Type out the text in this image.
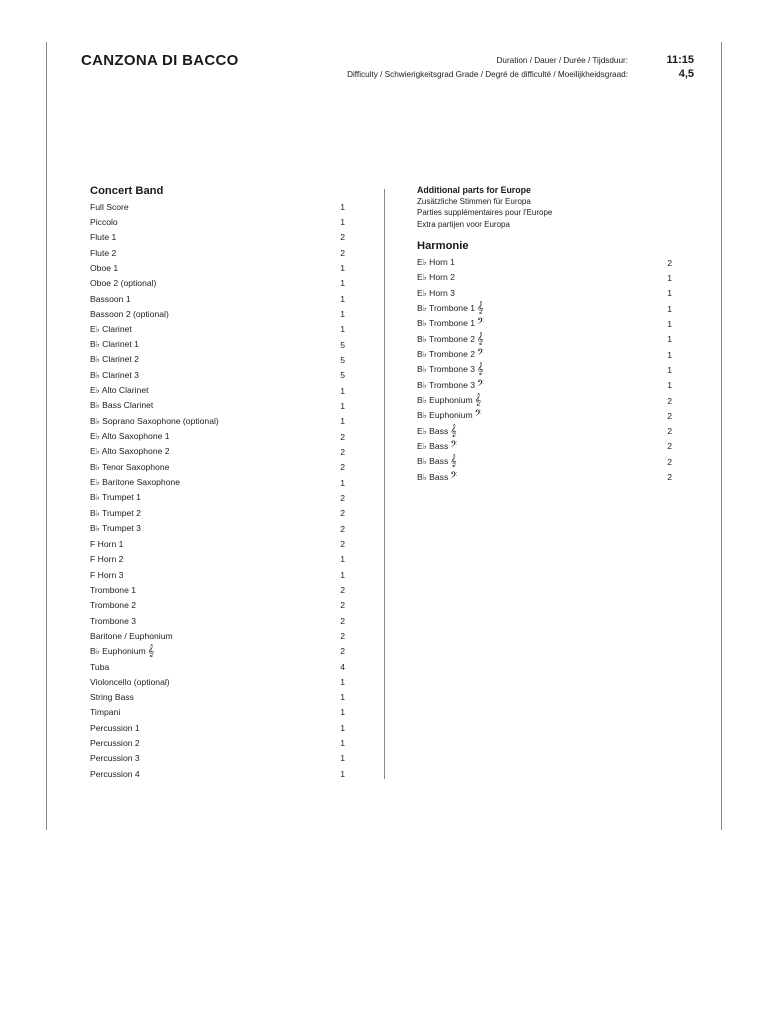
CANZONA DI BACCO	Duration / Dauer / Durée / Tijdsduur:
Difficulty / Schwierigkeitsgrad Grade / Degré de difficulté / Moeilijkheidsgraad:
11:15
4,5
Concert Band
Full Score	1
Piccolo	1
Flute 1	2
Flute 2	2
Oboe 1	1
Oboe 2 (optional)	1
Bassoon 1	1
Bassoon 2 (optional)	1
E♭ Clarinet	1
B♭ Clarinet 1	5
B♭ Clarinet 2	5
B♭ Clarinet 3	5
E♭ Alto Clarinet	1
B♭ Bass Clarinet	1
B♭ Soprano Saxophone (optional)	1
E♭ Alto Saxophone 1	2
E♭ Alto Saxophone 2	2
B♭ Tenor Saxophone	2
E♭ Baritone Saxophone	1
B♭ Trumpet 1	2
B♭ Trumpet 2	2
B♭ Trumpet 3	2
F Horn 1	2
F Horn 2	1
F Horn 3	1
Trombone 1	2
Trombone 2	2
Trombone 3	2
Baritone / Euphonium	2
B♭ Euphonium 𝄞	2
Tuba	4
Violoncello (optional)	1
String Bass	1
Timpani	1
Percussion 1	1
Percussion 2	1
Percussion 3	1
Percussion 4	1
Additional parts for Europe
Zusätzliche Stimmen für Europa
Parties supplémentaires pour l'Europe
Extra partijen voor Europa
Harmonie
E♭ Horn 1	2
E♭ Horn 2	1
E♭ Horn 3	1
B♭ Trombone 1 𝄞	1
B♭ Trombone 1 𝄢	1
B♭ Trombone 2 𝄞	1
B♭ Trombone 2 𝄢	1
B♭ Trombone 3 𝄞	1
B♭ Trombone 3 𝄢	1
B♭ Euphonium 𝄞	2
B♭ Euphonium 𝄢	2
E♭ Bass 𝄞	2
E♭ Bass 𝄢	2
B♭ Bass 𝄞	2
B♭ Bass 𝄢	2
